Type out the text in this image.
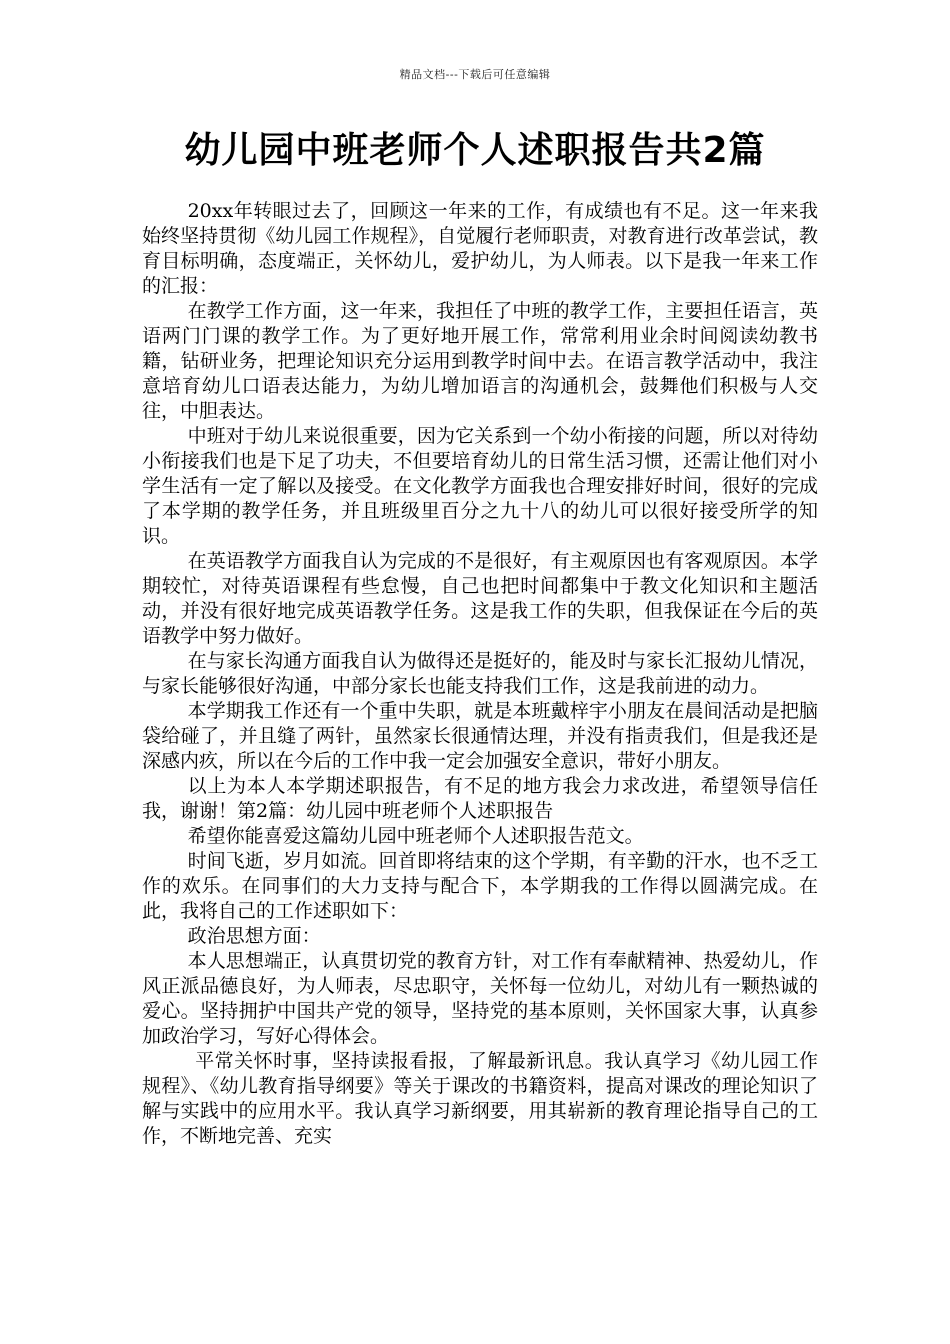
精品文档---下载后可任意编辑
幼儿园中班老师个人述职报告共2篇

20xx年转眼过去了，回顾这一年来的工作，有成绩也有不足。这一年来我始终坚持贯彻《幼儿园工作规程》，自觉履行老师职责，对教育进行改革尝试，教育目标明确，态度端正，关怀幼儿，爱护幼儿，为人师表。以下是我一年来工作的汇报：

在教学工作方面，这一年来，我担任了中班的教学工作，主要担任语言，英语两门门课的教学工作。为了更好地开展工作，常常利用业余时间阅读幼教书籍，钻研业务，把理论知识充分运用到教学时间中去。在语言教学活动中，我注意培育幼儿口语表达能力，为幼儿增加语言的沟通机会，鼓舞他们积极与人交往，中胆表达。

中班对于幼儿来说很重要，因为它关系到一个幼小衔接的问题，所以对待幼小衔接我们也是下足了功夫，不但要培育幼儿的日常生活习惯，还需让他们对小学生活有一定了解以及接受。在文化教学方面我也合理安排好时间，很好的完成了本学期的教学任务，并且班级里百分之九十八的幼儿可以很好接受所学的知识。

在英语教学方面我自认为完成的不是很好，有主观原因也有客观原因。本学期较忙，对待英语课程有些怠慢，自己也把时间都集中于教文化知识和主题活动，并没有很好地完成英语教学任务。这是我工作的失职，但我保证在今后的英语教学中努力做好。

在与家长沟通方面我自认为做得还是挺好的，能及时与家长汇报幼儿情况，与家长能够很好沟通，中部分家长也能支持我们工作，这是我前进的动力。

本学期我工作还有一个重中失职，就是本班戴梓宇小朋友在晨间活动是把脑袋给碰了，并且缝了两针，虽然家长很通情达理，并没有指责我们，但是我还是深感内疚，所以在今后的工作中我一定会加强安全意识，带好小朋友。

以上为本人本学期述职报告，有不足的地方我会力求改进，希望领导信任我，谢谢！第2篇：幼儿园中班老师个人述职报告

希望你能喜爱这篇幼儿园中班老师个人述职报告范文。

时间飞逝，岁月如流。回首即将结束的这个学期，有辛勤的汗水，也不乏工作的欢乐。在同事们的大力支持与配合下，本学期我的工作得以圆满完成。在此，我将自己的工作述职如下：

政治思想方面：

本人思想端正，认真贯切党的教育方针，对工作有奉献精神、热爱幼儿，作风正派品德良好，为人师表，尽忠职守，关怀每一位幼儿，对幼儿有一颗热诚的爱心。坚持拥护中国共产党的领导，坚持党的基本原则，关怀国家大事，认真参加政治学习，写好心得体会。

平常关怀时事，坚持读报看报，了解最新讯息。我认真学习《幼儿园工作规程》、《幼儿教育指导纲要》等关于课改的书籍资料，提高对课改的理论知识了解与实践中的应用水平。我认真学习新纲要，用其崭新的教育理论指导自己的工作，不断地完善、充实
